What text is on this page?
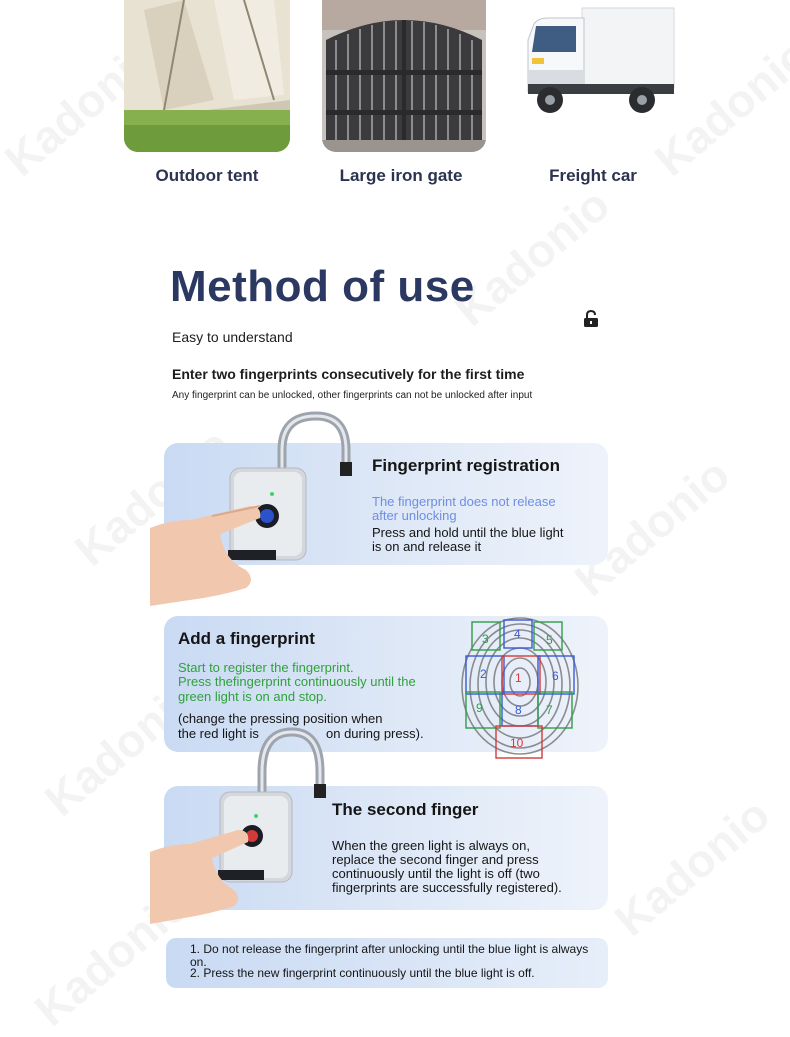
Outdoor tent	Large iron gate	Freight car
Method of use
Easy to understand
Enter two fingerprints consecutively for the first time
Any fingerprint can be unlocked, other fingerprints can not be unlocked after input
Fingerprint registration
The fingerprint does not release
after unlocking
Press and hold until the blue light
is on and release it
Add a fingerprint
Start to register the fingerprint.
Press thefingerprint continuously until the
green light is on and stop.
(change the pressing position when
the red light is	on during press).
1
2
3 4 5
6
7
8
9
10
The second finger
When the green light is always on,
replace the second finger and press
continuously until the light is off (two
fingerprints are successfully registered).
1. Do not release the fingerprint after unlocking until the blue light is always on.
2. Press the new fingerprint continuously until the blue light is off.
